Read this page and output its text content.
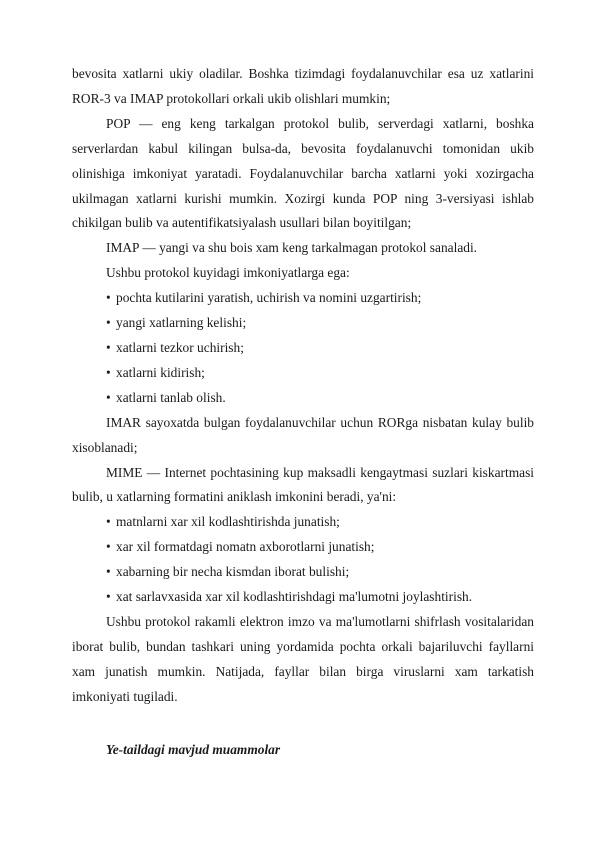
bevosita xatlarni ukiy oladilar. Boshka tizimdagi foydalanuvchilar esa uz xatlarini ROR-3 va IMAP protokollari orkali ukib olishlari mumkin;

POP — eng keng tarkalgan protokol bulib, serverdagi xatlarni, boshka serverlardan kabul kilingan bulsa-da, bevosita foydalanuvchi tomonidan ukib olinishiga imkoniyat yaratadi. Foydalanuvchilar barcha xatlarni yoki xozirgacha ukilmagan xatlarni kurishi mumkin. Xozirgi kunda POP ning 3-versiyasi ishlab chikilgan bulib va autentifikatsiyalash usullari bilan boyitilgan;

IMAP — yangi va shu bois xam keng tarkalmagan protokol sanaladi.

Ushbu protokol kuyidagi imkoniyatlarga ega:

• pochta kutilarini yaratish, uchirish va nomini uzgartirish;
• yangi xatlarning kelishi;
• xatlarni tezkor uchirish;
• xatlarni kidirish;
• xatlarni tanlab olish.

IMAR sayoxatda bulgan foydalanuvchilar uchun RORga nisbatan kulay bulib xisoblanadi;

MIME — Internet pochtasining kup maksadli kengaytmasi suzlari kiskartmasi bulib, u xatlarning formatini aniklash imkonini beradi, ya'ni:

• matnlarni xar xil kodlashtirishda junatish;
• xar xil formatdagi nomatn axborotlarni junatish;
• xabarning bir necha kismdan iborat bulishi;
• xat sarlavxasida xar xil kodlashtirishdagi ma'lumotni joylashtirish.

Ushbu protokol rakamli elektron imzo va ma'lumotlarni shifrlash vositalaridan iborat bulib, bundan tashkari uning yordamida pochta orkali bajariluvchi fayllarni xam junatish mumkin. Natijada, fayllar bilan birga viruslarni xam tarkatish imkoniyati tugiladi.

Ye-taildagi mavjud muammolar
